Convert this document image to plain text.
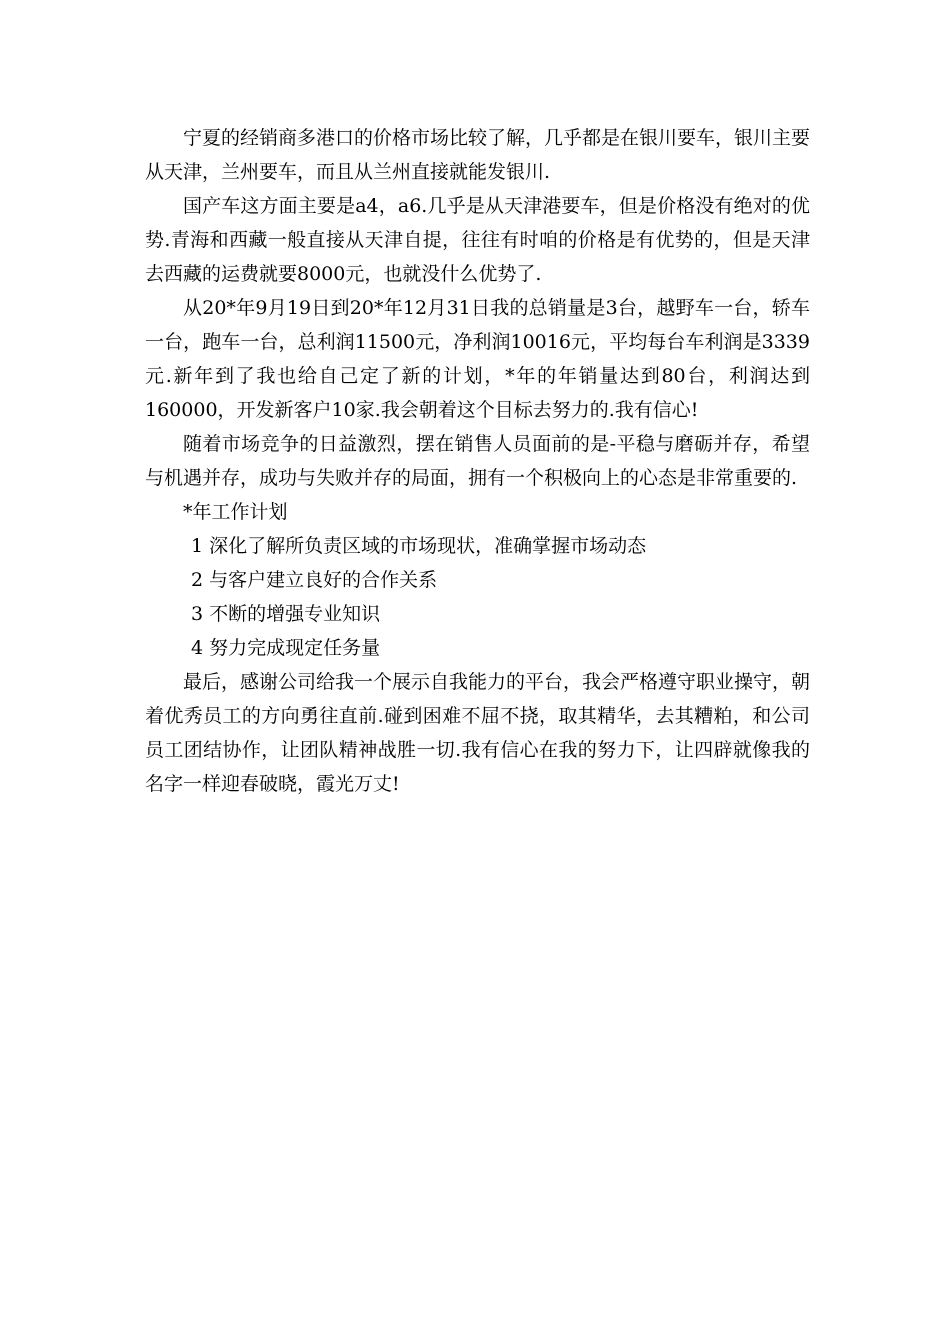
宁夏的经销商多港口的价格市场比较了解，几乎都是在银川要车，银川主要从天津，兰州要车，而且从兰州直接就能发银川.

国产车这方面主要是a4，a6.几乎是从天津港要车，但是价格没有绝对的优势.青海和西藏一般直接从天津自提，往往有时咱的价格是有优势的，但是天津去西藏的运费就要8000元，也就没什么优势了.

从20*年9月19日到20*年12月31日我的总销量是3台，越野车一台，轿车一台，跑车一台，总利润11500元，净利润10016元，平均每台车利润是3339元.新年到了我也给自己定了新的计划，*年的年销量达到80台，利润达到160000，开发新客户10家.我会朝着这个目标去努力的.我有信心!

随着市场竞争的日益激烈，摆在销售人员面前的是-平稳与磨砺并存，希望与机遇并存，成功与失败并存的局面，拥有一个积极向上的心态是非常重要的.

*年工作计划

1 深化了解所负责区域的市场现状，准确掌握市场动态

2 与客户建立良好的合作关系

3 不断的增强专业知识

4 努力完成现定任务量

最后，感谢公司给我一个展示自我能力的平台，我会严格遵守职业操守，朝着优秀员工的方向勇往直前.碰到困难不屈不挠，取其精华，去其糟粕，和公司员工团结协作，让团队精神战胜一切.我有信心在我的努力下，让四辟就像我的名字一样迎春破晓，霞光万丈!
